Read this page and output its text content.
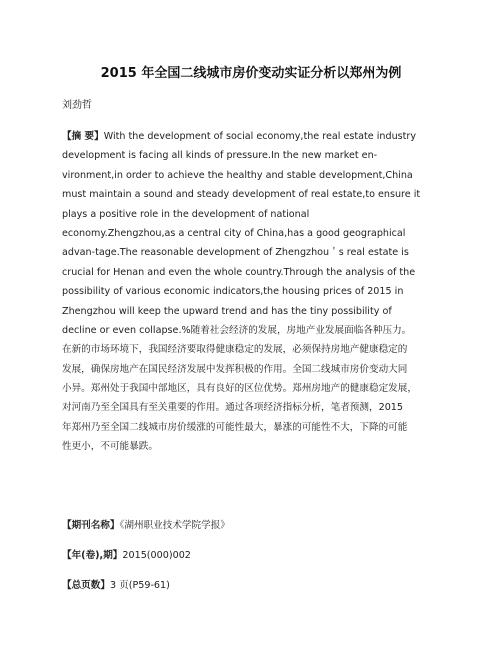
2015 年全国二线城市房价变动实证分析以郑州为例
刘劲哲
【摘 要】With the development of social economy,the real estate industry
development is facing all kinds of pressure.In the new market en-
vironment,in order to achieve the healthy and stable development,China
must maintain a sound and steady development of real estate,to ensure it
plays a positive role in the development of national
economy.Zhengzhou,as a central city of China,has a good geographical
advan-tage.The reasonable development of Zhengzhou＇s real estate is
crucial for Henan and even the whole country.Through the analysis of the
possibility of various economic indicators,the housing prices of 2015 in
Zhengzhou will keep the upward trend and has the tiny possibility of
decline or even collapse.%随着社会经济的发展，房地产业发展面临各种压力。
在新的市场环境下，我国经济要取得健康稳定的发展，必须保持房地产健康稳定的
发展，确保房地产在国民经济发展中发挥积极的作用。全国二线城市房价变动大同
小异。郑州处于我国中部地区，具有良好的区位优势。郑州房地产的健康稳定发展，
对河南乃至全国具有至关重要的作用。通过各项经济指标分析，笔者预测，2015
年郑州乃至全国二线城市房价缓涨的可能性最大，暴涨的可能性不大，下降的可能
性更小，不可能暴跌。
【期刊名称】《湖州职业技术学院学报》
【年(卷),期】2015(000)002
【总页数】3 页(P59-61)
